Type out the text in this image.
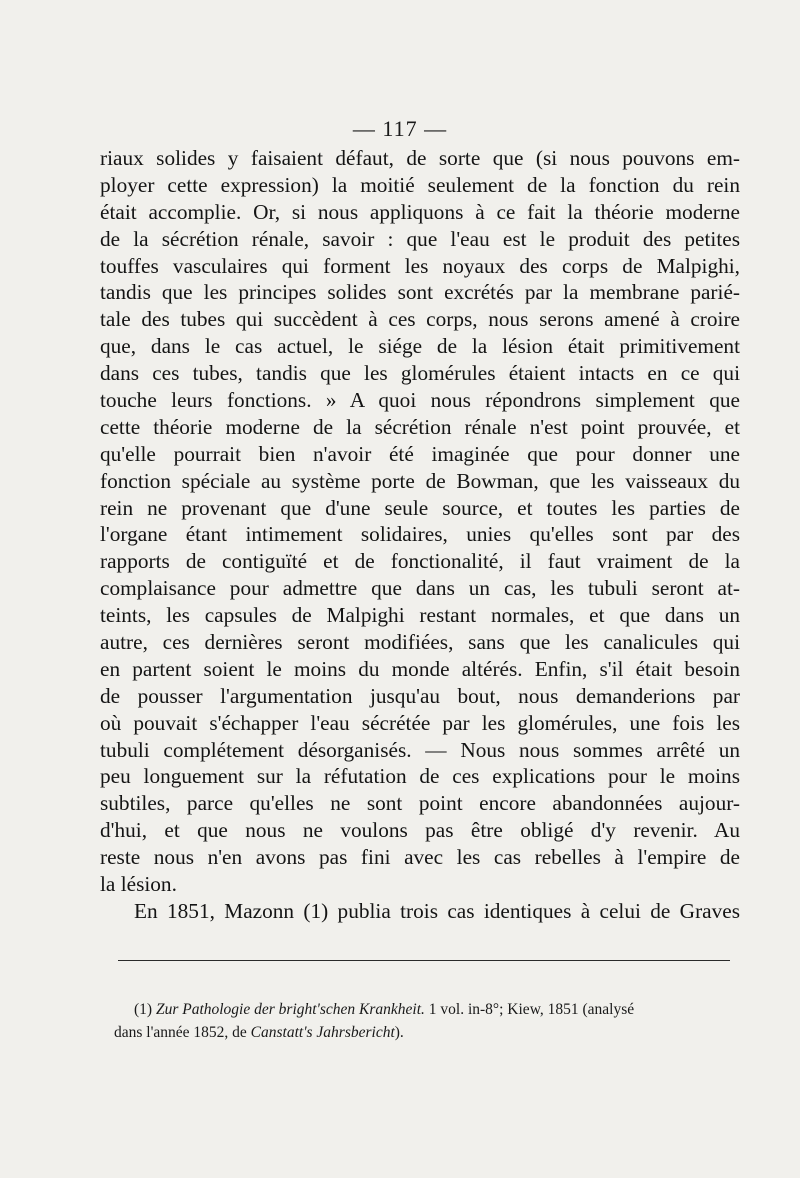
— 117 —
riaux solides y faisaient défaut, de sorte que (si nous pouvons em-
ployer cette expression) la moitié seulement de la fonction du rein
était accomplie. Or, si nous appliquons à ce fait la théorie moderne
de la sécrétion rénale, savoir : que l'eau est le produit des petites
touffes vasculaires qui forment les noyaux des corps de Malpighi,
tandis que les principes solides sont excrétés par la membrane parié-
tale des tubes qui succèdent à ces corps, nous serons amené à croire
que, dans le cas actuel, le siége de la lésion était primitivement
dans ces tubes, tandis que les glomérules étaient intacts en ce qui
touche leurs fonctions. » A quoi nous répondrons simplement que
cette théorie moderne de la sécrétion rénale n'est point prouvée, et
qu'elle pourrait bien n'avoir été imaginée que pour donner une
fonction spéciale au système porte de Bowman, que les vaisseaux du
rein ne provenant que d'une seule source, et toutes les parties de
l'organe étant intimement solidaires, unies qu'elles sont par des
rapports de contiguïté et de fonctionalité, il faut vraiment de la
complaisance pour admettre que dans un cas, les tubuli seront at-
teints, les capsules de Malpighi restant normales, et que dans un
autre, ces dernières seront modifiées, sans que les canalicules qui
en partent soient le moins du monde altérés. Enfin, s'il était besoin
de pousser l'argumentation jusqu'au bout, nous demanderions par
où pouvait s'échapper l'eau sécrétée par les glomérules, une fois les
tubuli complétement désorganisés. — Nous nous sommes arrêté un
peu longuement sur la réfutation de ces explications pour le moins
subtiles, parce qu'elles ne sont point encore abandonnées aujour-
d'hui, et que nous ne voulons pas être obligé d'y revenir. Au
reste nous n'en avons pas fini avec les cas rebelles à l'empire de
la lésion.
En 1851, Mazonn (1) publia trois cas identiques à celui de Graves
(1) Zur Pathologie der bright'schen Krankheit. 1 vol. in-8°; Kiew, 1851 (analysé
dans l'année 1852, de Canstatt's Jahrsbericht).
